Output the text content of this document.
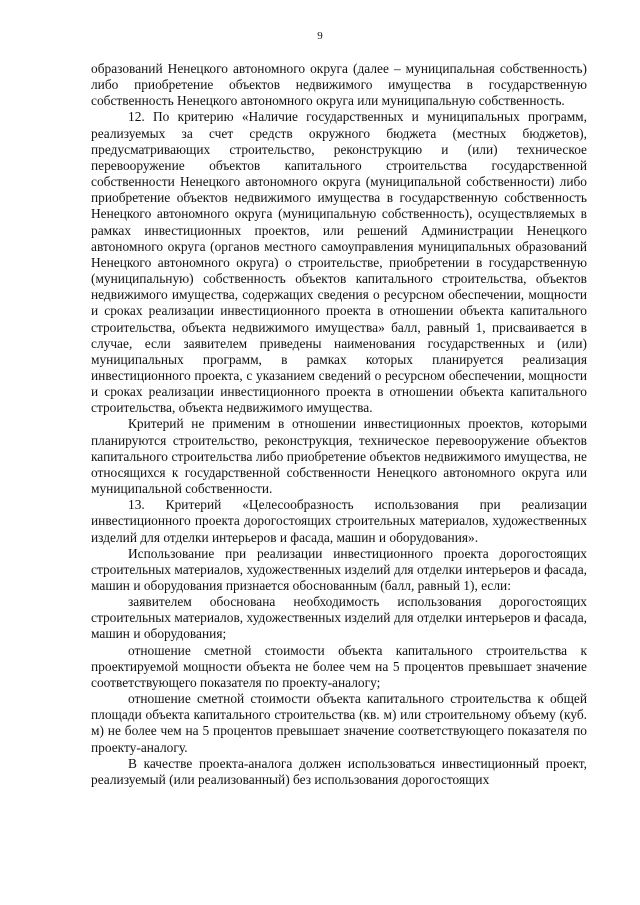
9

образований Ненецкого автономного округа (далее – муниципальная собственность) либо приобретение объектов недвижимого имущества в государственную собственность Ненецкого автономного округа или муниципальную собственность.

12. По критерию «Наличие государственных и муниципальных программ, реализуемых за счет средств окружного бюджета (местных бюджетов), предусматривающих строительство, реконструкцию и (или) техническое перевооружение объектов капитального строительства государственной собственности Ненецкого автономного округа (муниципальной собственности) либо приобретение объектов недвижимого имущества в государственную собственность Ненецкого автономного округа (муниципальную собственность), осуществляемых в рамках инвестиционных проектов, или решений Администрации Ненецкого автономного округа (органов местного самоуправления муниципальных образований Ненецкого автономного округа) о строительстве, приобретении в государственную (муниципальную) собственность объектов капитального строительства, объектов недвижимого имущества, содержащих сведения о ресурсном обеспечении, мощности и сроках реализации инвестиционного проекта в отношении объекта капитального строительства, объекта недвижимого имущества» балл, равный 1, присваивается в случае, если заявителем приведены наименования государственных и (или) муниципальных программ, в рамках которых планируется реализация инвестиционного проекта, с указанием сведений о ресурсном обеспечении, мощности и сроках реализации инвестиционного проекта в отношении объекта капитального строительства, объекта недвижимого имущества.

Критерий не применим в отношении инвестиционных проектов, которыми планируются строительство, реконструкция, техническое перевооружение объектов капитального строительства либо приобретение объектов недвижимого имущества, не относящихся к государственной собственности Ненецкого автономного округа или муниципальной собственности.

13. Критерий «Целесообразность использования при реализации инвестиционного проекта дорогостоящих строительных материалов, художественных изделий для отделки интерьеров и фасада, машин и оборудования».

Использование при реализации инвестиционного проекта дорогостоящих строительных материалов, художественных изделий для отделки интерьеров и фасада, машин и оборудования признается обоснованным (балл, равный 1), если:

заявителем обоснована необходимость использования дорогостоящих строительных материалов, художественных изделий для отделки интерьеров и фасада, машин и оборудования;

отношение сметной стоимости объекта капитального строительства к проектируемой мощности объекта не более чем на 5 процентов превышает значение соответствующего показателя по проекту-аналогу;

отношение сметной стоимости объекта капитального строительства к общей площади объекта капитального строительства (кв. м) или строительному объему (куб. м) не более чем на 5 процентов превышает значение соответствующего показателя по проекту-аналогу.

В качестве проекта-аналога должен использоваться инвестиционный проект, реализуемый (или реализованный) без использования дорогостоящих
